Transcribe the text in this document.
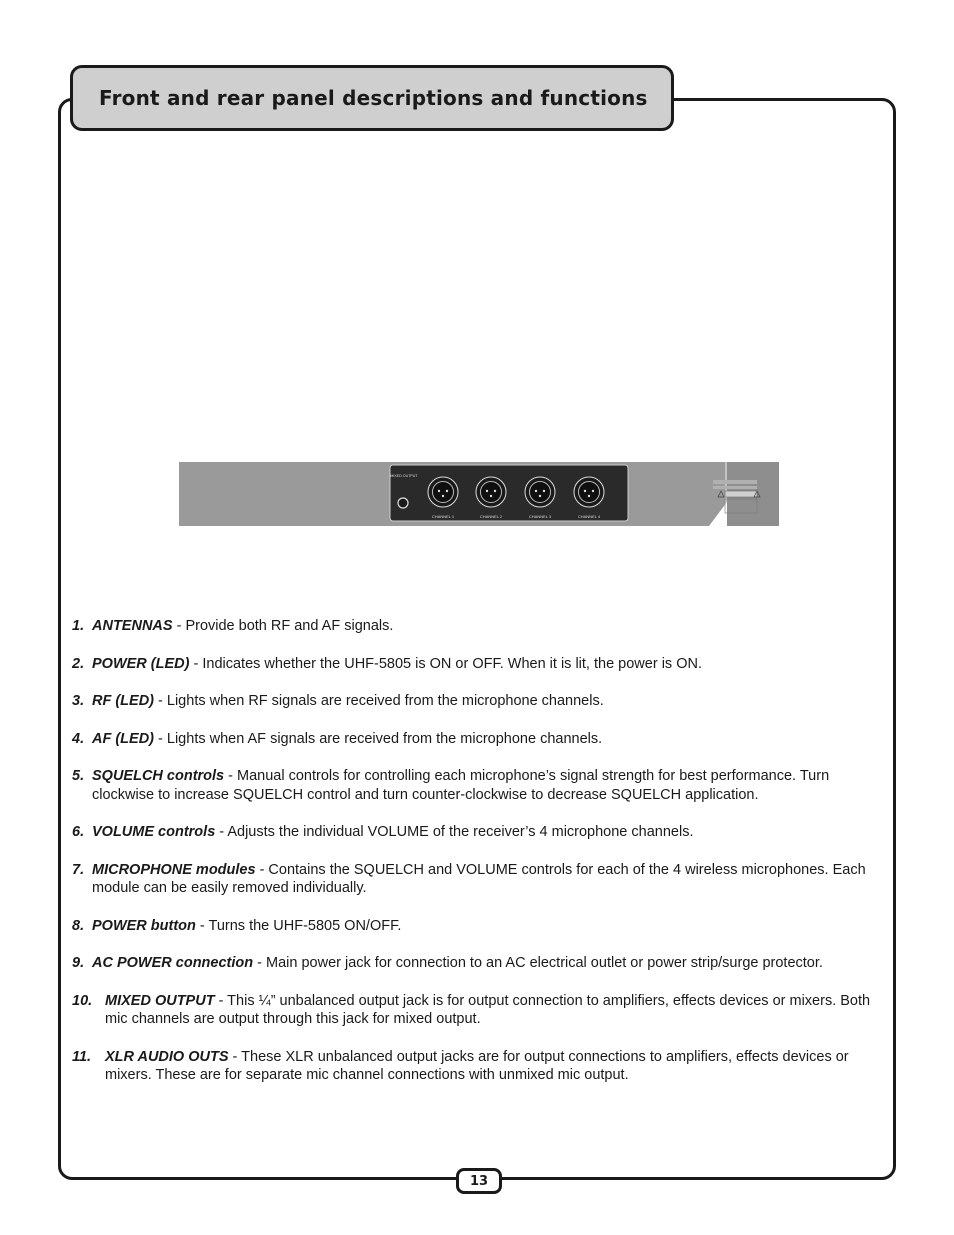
Front and rear panel descriptions and functions
MIXED OUTPUT
CHANNEL 1	CHANNEL 2	CHANNEL 3	CHANNEL 4
1. ANTENNAS - Provide both RF and AF signals.
2. POWER (LED) - Indicates whether the UHF-5805 is ON or OFF. When it is lit, the power is ON.
3. RF (LED) - Lights when RF signals are received from the microphone channels.
4. AF (LED) - Lights when AF signals are received from the microphone channels.
5. SQUELCH controls - Manual controls for controlling each microphone’s signal strength for best performance. Turn clockwise to increase SQUELCH control and turn counter-clockwise to decrease SQUELCH application.
6. VOLUME controls - Adjusts the individual VOLUME of the receiver’s 4 microphone channels.
7. MICROPHONE modules - Contains the SQUELCH and VOLUME controls for each of the 4 wireless microphones. Each module can be easily removed individually.
8. POWER button - Turns the UHF-5805 ON/OFF.
9. AC POWER connection - Main power jack for connection to an AC electrical outlet or power strip/surge protector.
10. MIXED OUTPUT - This ¼” unbalanced output jack is for output connection to amplifiers, effects devices or mixers. Both mic channels are output through this jack for mixed output.
11. XLR AUDIO OUTS - These XLR unbalanced output jacks are for output connections to amplifiers, effects devices or mixers. These are for separate mic channel connections with unmixed mic output.
13
